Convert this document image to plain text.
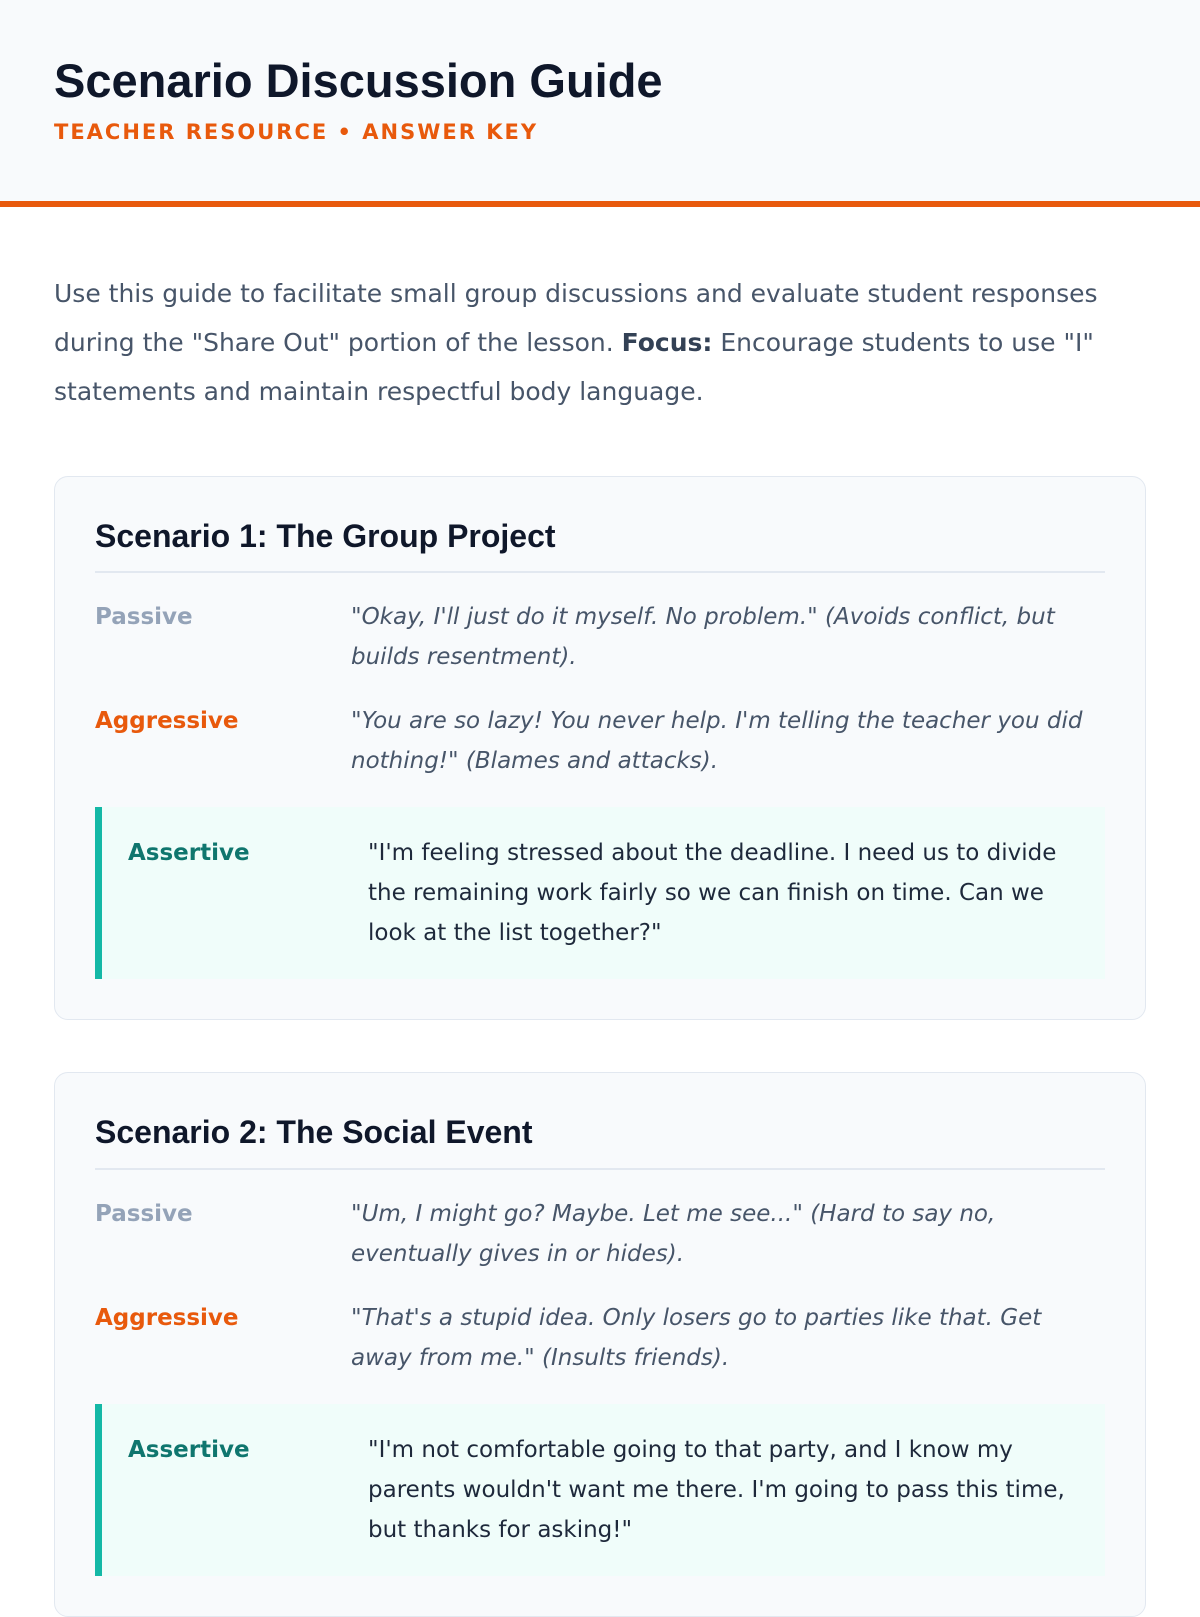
Scenario Discussion Guide
TEACHER RESOURCE • ANSWER KEY

Use this guide to facilitate small group discussions and evaluate student responses during the "Share Out" portion of the lesson. Focus: Encourage students to use "I" statements and maintain respectful body language.

Scenario 1: The Group Project
Passive	"Okay, I'll just do it myself. No problem." (Avoids conflict, but builds resentment).
Aggressive	"You are so lazy! You never help. I'm telling the teacher you did nothing!" (Blames and attacks).
Assertive	"I'm feeling stressed about the deadline. I need us to divide the remaining work fairly so we can finish on time. Can we look at the list together?"
Scenario 2: The Social Event
Passive	"Um, I might go? Maybe. Let me see..." (Hard to say no, eventually gives in or hides).
Aggressive	"That's a stupid idea. Only losers go to parties like that. Get away from me." (Insults friends).
Assertive	"I'm not comfortable going to that party, and I know my parents wouldn't want me there. I'm going to pass this time, but thanks for asking!"
